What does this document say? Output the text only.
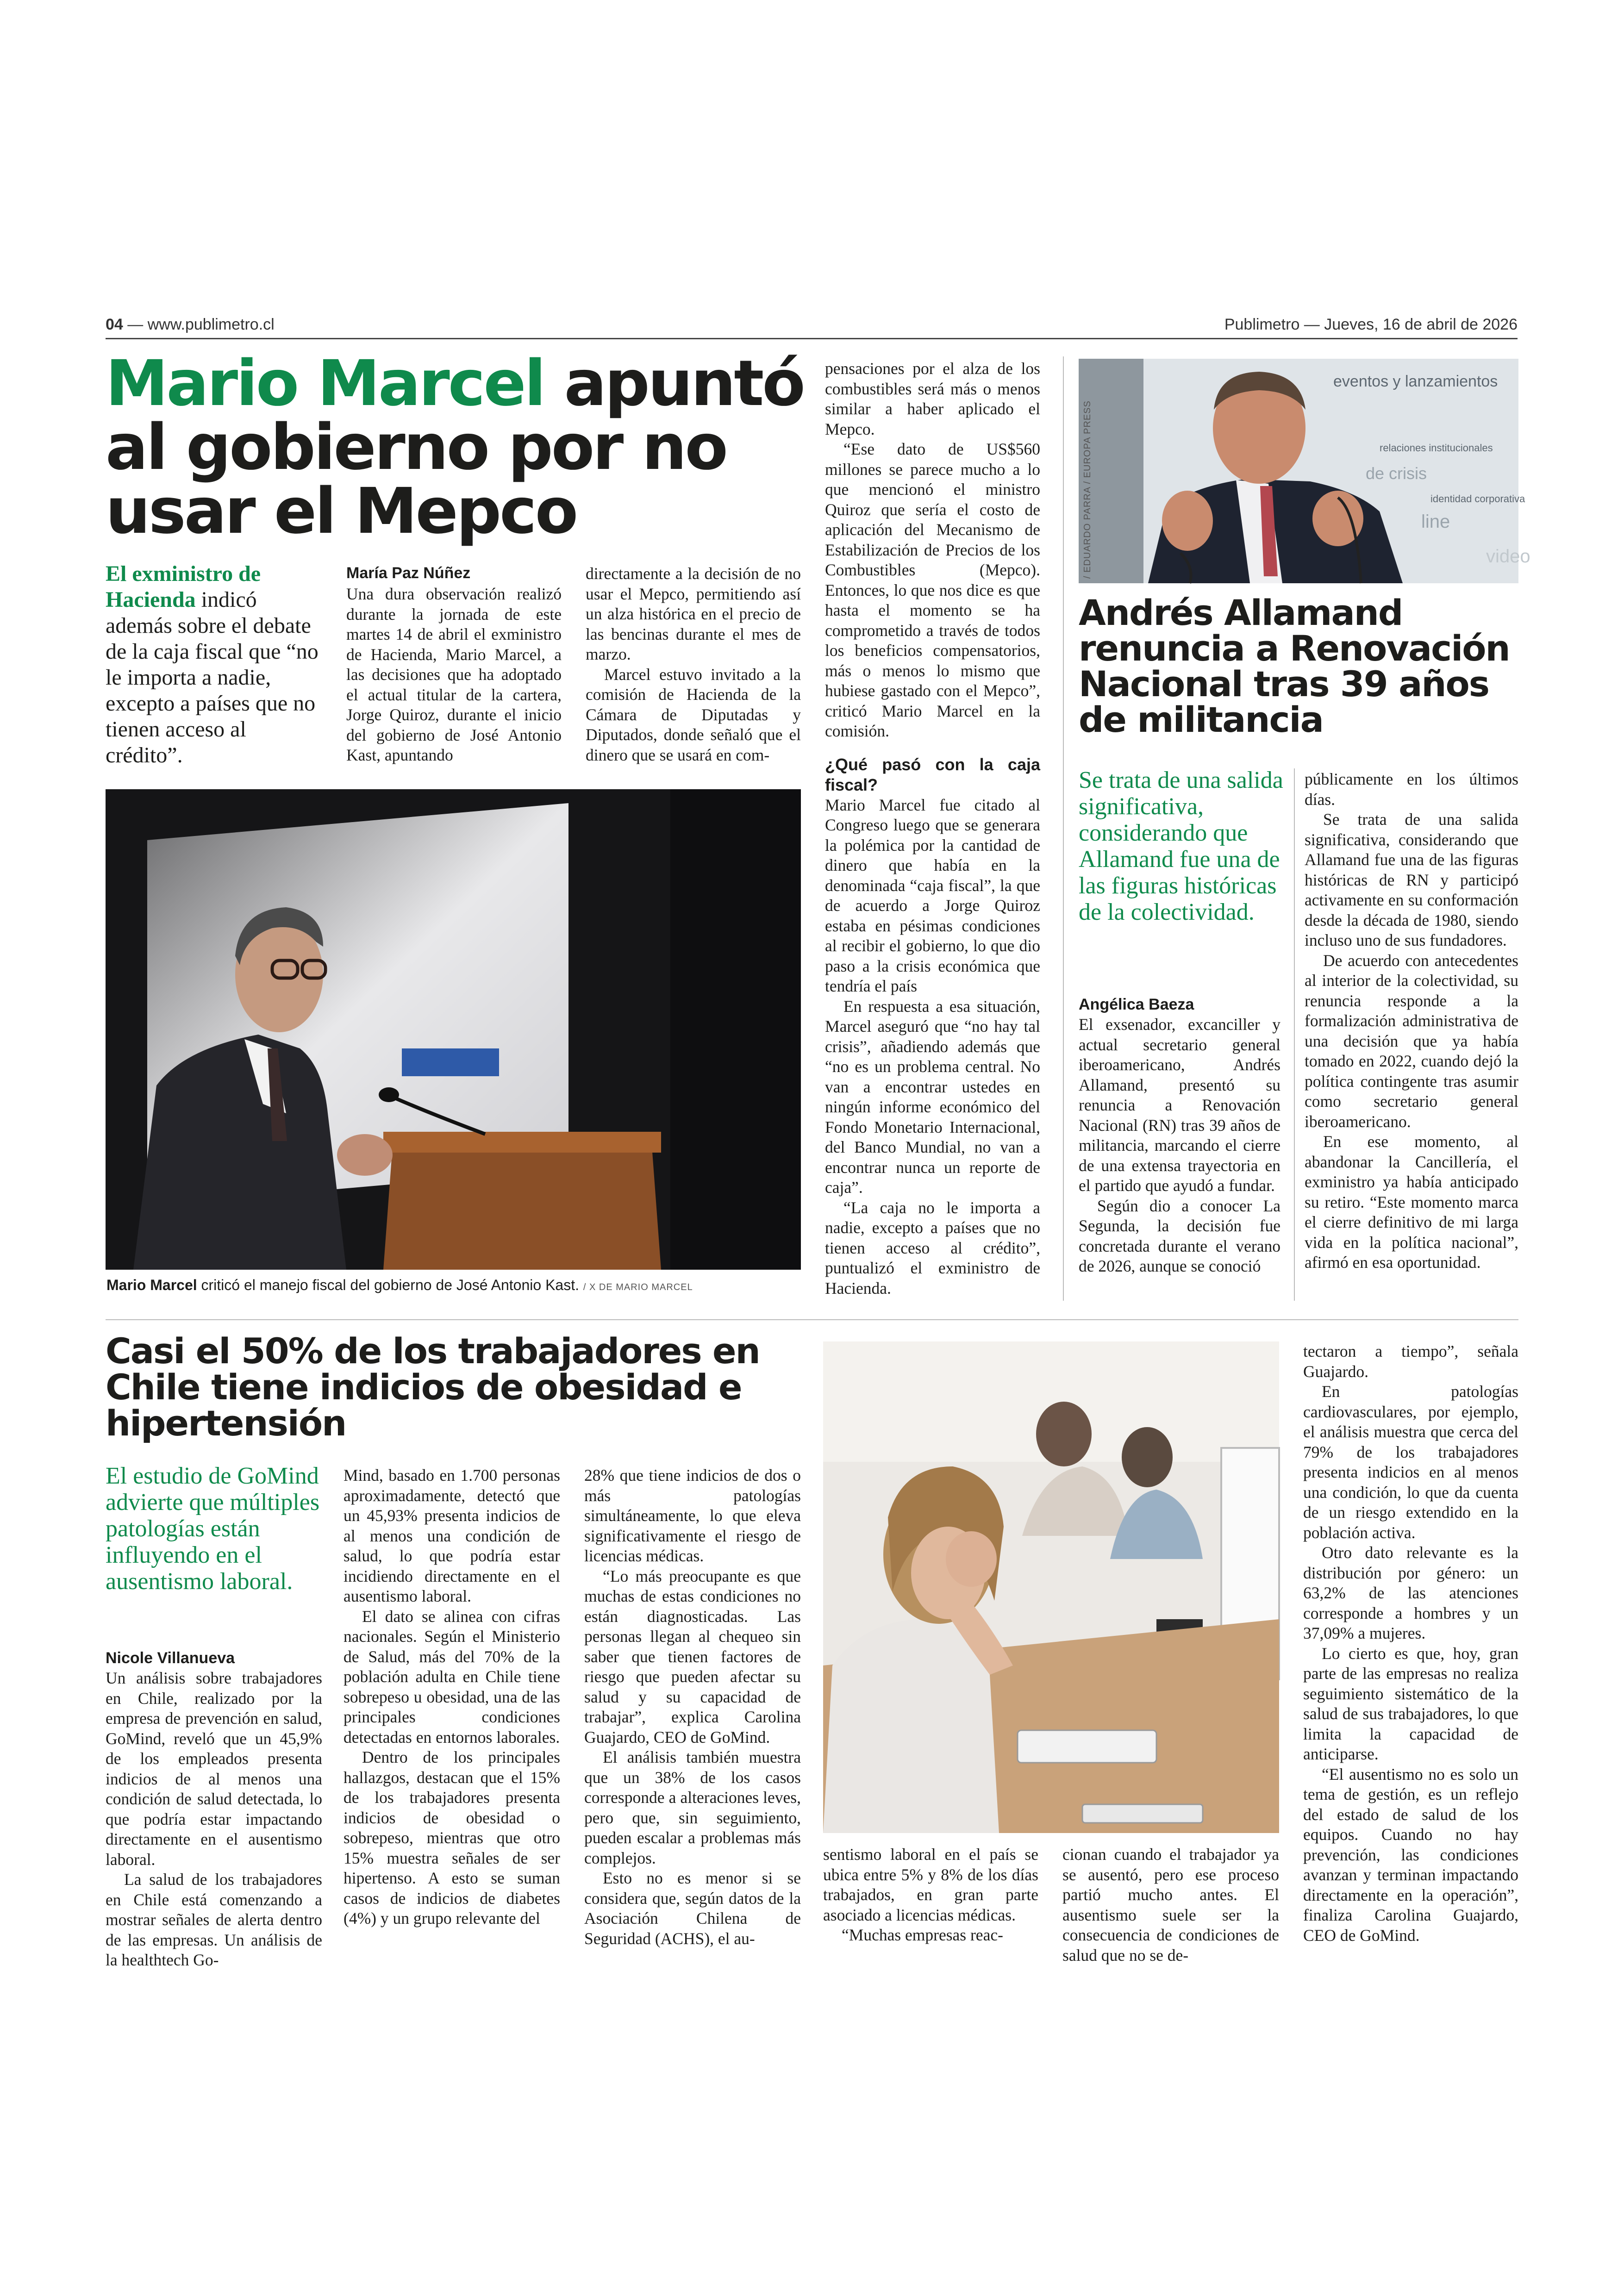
04 — www.publimetro.cl	Publimetro — Jueves, 16 de abril de 2026
Mario Marcel apuntó al gobierno por no usar el Mepco
El exministro de Hacienda indicó además sobre el debate de la caja fiscal que “no le importa a nadie, excepto a países que no tienen acceso al crédito”.
María Paz Núñez

Una dura observación realizó durante la jornada de este martes 14 de abril el exministro de Hacienda, Mario Marcel, a las decisiones que ha adoptado el actual titular de la cartera, Jorge Quiroz, durante el inicio del gobierno de José Antonio Kast, apuntando

directamente a la decisión de no usar el Mepco, permitiendo así un alza histórica en el precio de las bencinas durante el mes de marzo.

Marcel estuvo invitado a la comisión de Hacienda de la Cámara de Diputadas y Diputados, donde señaló que el dinero que se usará en com-

Mario Marcel criticó el manejo fiscal del gobierno de José Antonio Kast. / X DE MARIO MARCEL

pensaciones por el alza de los combustibles será más o menos similar a haber aplicado el Mepco.

“Ese dato de US$560 millones se parece mucho a lo que mencionó el ministro Quiroz que sería el costo de aplicación del Mecanismo de Estabilización de Precios de los Combustibles (Mepco). Entonces, lo que nos dice es que hasta el momento se ha comprometido a través de todos los beneficios compensatorios, más o menos lo mismo que hubiese gastado con el Mepco”, criticó Mario Marcel en la comisión.

¿Qué pasó con la caja fiscal?

Mario Marcel fue citado al Congreso luego que se generara la polémica por la cantidad de dinero que había en la denominada “caja fiscal”, la que de acuerdo a Jorge Quiroz estaba en pésimas condiciones al recibir el gobierno, lo que dio paso a la crisis económica que tendría el país

En respuesta a esa situación, Marcel aseguró que “no hay tal crisis”, añadiendo además que “no es un problema central. No van a encontrar ustedes en ningún informe económico del Fondo Monetario Internacional, del Banco Mundial, no van a encontrar nunca un reporte de caja”.

“La caja no le importa a nadie, excepto a países que no tienen acceso al crédito”, puntualizó el exministro de Hacienda.

eventos y lanzamientos
relaciones institucionales
de crisis
identidad corporativa
line
video
/ EDUARDO PARRA / EUROPA PRESS
Andrés Allamand renuncia a Renovación Nacional tras 39 años de militancia
Se trata de una salida significativa, considerando que Allamand fue una de las figuras históricas de la colectividad.
Angélica Baeza

El exsenador, excanciller y actual secretario general iberoamericano, Andrés Allamand, presentó su renuncia a Renovación Nacional (RN) tras 39 años de militancia, marcando el cierre de una extensa trayectoria en el partido que ayudó a fundar.

Según dio a conocer La Segunda, la decisión fue concretada durante el verano de 2026, aunque se conoció

públicamente en los últimos días.

Se trata de una salida significativa, considerando que Allamand fue una de las figuras históricas de RN y participó activamente en su conformación desde la década de 1980, siendo incluso uno de sus fundadores.

De acuerdo con antecedentes al interior de la colectividad, su renuncia responde a la formalización administrativa de una decisión que ya había tomado en 2022, cuando dejó la política contingente tras asumir como secretario general iberoamericano.

En ese momento, al abandonar la Cancillería, el exministro ya había anticipado su retiro. “Este momento marca el cierre definitivo de mi larga vida en la política nacional”, afirmó en esa oportunidad.

Casi el 50% de los trabajadores en Chile tiene indicios de obesidad e hipertensión
El estudio de GoMind advierte que múltiples patologías están influyendo en el ausentismo laboral.
Nicole Villanueva

Un análisis sobre trabajadores en Chile, realizado por la empresa de prevención en salud, GoMind, reveló que un 45,9% de los empleados presenta indicios de al menos una condición de salud detectada, lo que podría estar impactando directamente en el ausentismo laboral.

La salud de los trabajadores en Chile está comenzando a mostrar señales de alerta dentro de las empresas. Un análisis de la healthtech Go-

Mind, basado en 1.700 personas aproximadamente, detectó que un 45,93% presenta indicios de al menos una condición de salud, lo que podría estar incidiendo directamente en el ausentismo laboral.

El dato se alinea con cifras nacionales. Según el Ministerio de Salud, más del 70% de la población adulta en Chile tiene sobrepeso u obesidad, una de las principales condiciones detectadas en entornos laborales.

Dentro de los principales hallazgos, destacan que el 15% de los trabajadores presenta indicios de obesidad o sobrepeso, mientras que otro 15% muestra señales de ser hipertenso. A esto se suman casos de indicios de diabetes (4%) y un grupo relevante del

28% que tiene indicios de dos o más patologías simultáneamente, lo que eleva significativamente el riesgo de licencias médicas.

“Lo más preocupante es que muchas de estas condiciones no están diagnosticadas. Las personas llegan al chequeo sin saber que tienen factores de riesgo que pueden afectar su salud y su capacidad de trabajar”, explica Carolina Guajardo, CEO de GoMind.

El análisis también muestra que un 38% de los casos corresponde a alteraciones leves, pero que, sin seguimiento, pueden escalar a problemas más complejos.

Esto no es menor si se considera que, según datos de la Asociación Chilena de Seguridad (ACHS), el au-

sentismo laboral en el país se ubica entre 5% y 8% de los días trabajados, en gran parte asociado a licencias médicas.

“Muchas empresas reac-

cionan cuando el trabajador ya se ausentó, pero ese proceso partió mucho antes. El ausentismo suele ser la consecuencia de condiciones de salud que no se de-

tectaron a tiempo”, señala Guajardo.

En patologías cardiovasculares, por ejemplo, el análisis muestra que cerca del 79% de los trabajadores presenta indicios en al menos una condición, lo que da cuenta de un riesgo extendido en la población activa.

Otro dato relevante es la distribución por género: un 63,2% de las atenciones corresponde a hombres y un 37,09% a mujeres.

Lo cierto es que, hoy, gran parte de las empresas no realiza seguimiento sistemático de la salud de sus trabajadores, lo que limita la capacidad de anticiparse.

“El ausentismo no es solo un tema de gestión, es un reflejo del estado de salud de los equipos. Cuando no hay prevención, las condiciones avanzan y terminan impactando directamente en la operación”, finaliza Carolina Guajardo, CEO de GoMind.
